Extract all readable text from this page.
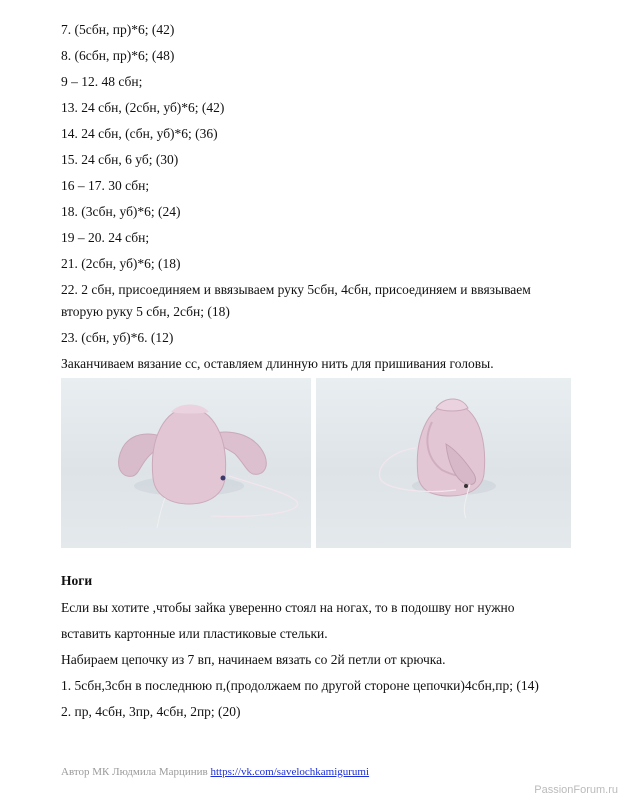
7. (5сбн, пр)*6; (42)
8. (6сбн, пр)*6; (48)
9 – 12. 48 сбн;
13. 24 сбн, (2сбн, уб)*6; (42)
14. 24 сбн, (сбн, уб)*6; (36)
15. 24 сбн, 6 уб; (30)
16 – 17. 30 сбн;
18. (3сбн, уб)*6; (24)
19 – 20. 24 сбн;
21. (2сбн, уб)*6; (18)
22. 2 сбн, присоединяем и ввязываем руку 5сбн, 4сбн, присоединяем и ввязываем
вторую руку 5 сбн, 2сбн; (18)
23. (сбн, уб)*6. (12)
Заканчиваем вязание сс, оставляем длинную нить для пришивания головы.
Ноги
Если вы хотите ,чтобы зайка уверенно стоял на ногах, то в подошву ног нужно
вставить картонные или пластиковые стельки.
Набираем цепочку из 7 вп, начинаем вязать со 2й петли от крючка.
1. 5сбн,3сбн в последнюю п,(продолжаем по другой стороне цепочки)4сбн,пр; (14)
2. пр, 4сбн, 3пр, 4сбн, 2пр; (20)
Автор МК Людмила Марцинив https://vk.com/savelochkamigurumi
PassionForum.ru
